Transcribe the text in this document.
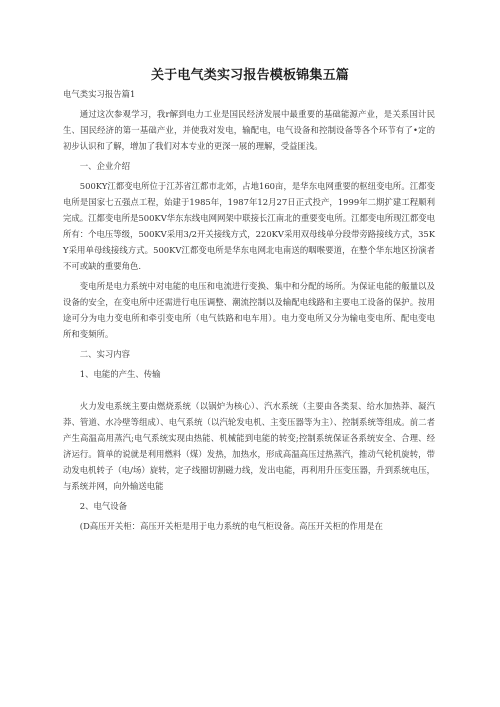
关于电气类实习报告模板锦集五篇

电气类实习报告篇1

通过这次参观学习，我r解到电力工业是国民经济发展中最重要的基础能源产业，是关系国计民生、国民经济的第一基础产业，并使我对发电，输配电，电气设备和控制设备等各个环节有了•定的初步认识和了解，增加了我们对本专业的更深一展的理解，受益匪浅。

一、企业介绍

500KY江都变电所位于江苏省江都市北郊，占地160亩，是华东电网重要的枢纽变电所。江都变电所是国家七五强点工程，始建于1985年，1987年12月27日正式投产，1999年二期扩建工程顺利完成。江都变电所是500KV华东东线电网网架中联接长江南北的重要变电所。江都变电所现江都变电所有：个电压等级，500KV采用3/2开关接线方式，220KV采用双母线单分段带旁路接线方式，35KY采用单母线接线方式。500KV江都变电所是华东电网北电南送的咽喉要道，在整个华东地区扮演者不可或缺的重要角色.

变电所是电力系统中对电能的电压和电流进行变换、集中和分配的场所。为保证电能的舨量以及设备的安全，在变电所中还需进行电压调整、潮流控制以及输配电线路和主要电工设备的保护。按用途可分为电力变电所和牵引变电所（电气铁路和电车用）。电力变电所又分为输电变电所、配电变电所和变频所。

二、实习内容

1、电能的产生、传输

火力发电系统主要由燃烧系统（以锅炉为核心）、汽水系统（主要由各类泵、给水加热莽、凝汽莽、管道、水冷壁等组成）、电气系统（以汽轮发电机、主变压器等为主）、控制系统等组成。前二者产生高温高用蒸汽;电气系统实现由热能、机械能到电能的转变;控制系统保证各系统安全、合理、经济运行。简单的说就是利用燃料（煤）发热，加热水，形成高温高压过热蒸汽，推动气轮机旋转，带动发电机转子（电/场）旋转，定子线圈切割磁力线，发出电能，再利用升压变压器，升到系统电压，与系统并网，向外输送电能

2、电气设备

(D高压开关柜：高压开关柜是用于电力系统的电气柜设备。高压开关柜的作用是在
